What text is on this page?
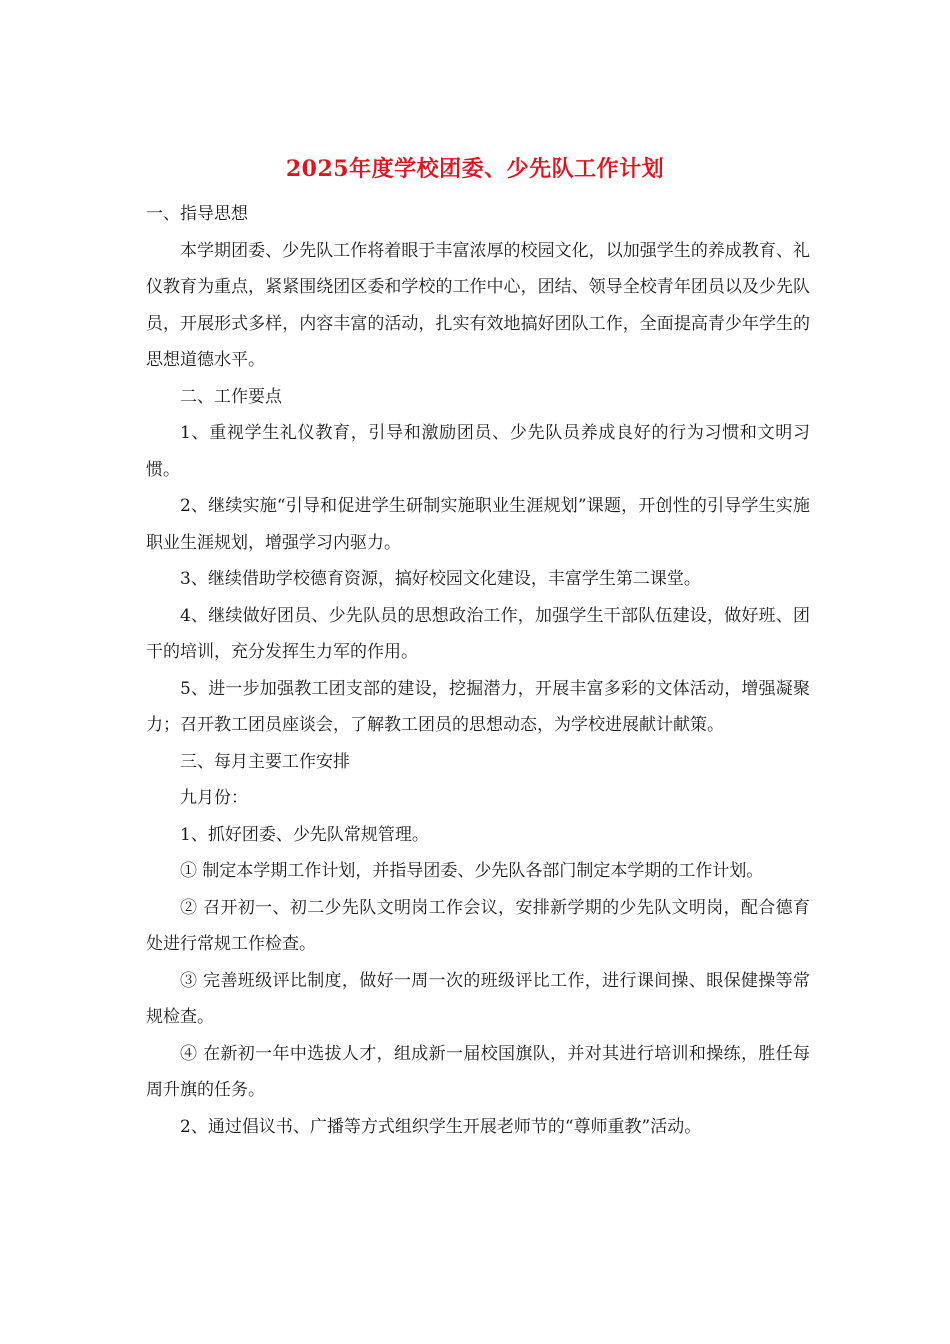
2025年度学校团委、少先队工作计划

一、指导思想

本学期团委、少先队工作将着眼于丰富浓厚的校园文化，以加强学生的养成教育、礼仪教育为重点，紧紧围绕团区委和学校的工作中心，团结、领导全校青年团员以及少先队员，开展形式多样，内容丰富的活动，扎实有效地搞好团队工作，全面提高青少年学生的思想道德水平。

二、工作要点

1、重视学生礼仪教育，引导和激励团员、少先队员养成良好的行为习惯和文明习惯。

2、继续实施“引导和促进学生研制实施职业生涯规划”课题，开创性的引导学生实施职业生涯规划，增强学习内驱力。

3、继续借助学校德育资源，搞好校园文化建设，丰富学生第二课堂。

4、继续做好团员、少先队员的思想政治工作，加强学生干部队伍建设，做好班、团干的培训，充分发挥生力军的作用。

5、进一步加强教工团支部的建设，挖掘潜力，开展丰富多彩的文体活动，增强凝聚力；召开教工团员座谈会，了解教工团员的思想动态，为学校进展献计献策。

三、每月主要工作安排

九月份：

1、抓好团委、少先队常规管理。

① 制定本学期工作计划，并指导团委、少先队各部门制定本学期的工作计划。

② 召开初一、初二少先队文明岗工作会议，安排新学期的少先队文明岗，配合德育处进行常规工作检查。

③ 完善班级评比制度，做好一周一次的班级评比工作，进行课间操、眼保健操等常规检查。

④ 在新初一年中选拔人才，组成新一届校国旗队，并对其进行培训和操练，胜任每周升旗的任务。

2、通过倡议书、广播等方式组织学生开展老师节的“尊师重教”活动。
